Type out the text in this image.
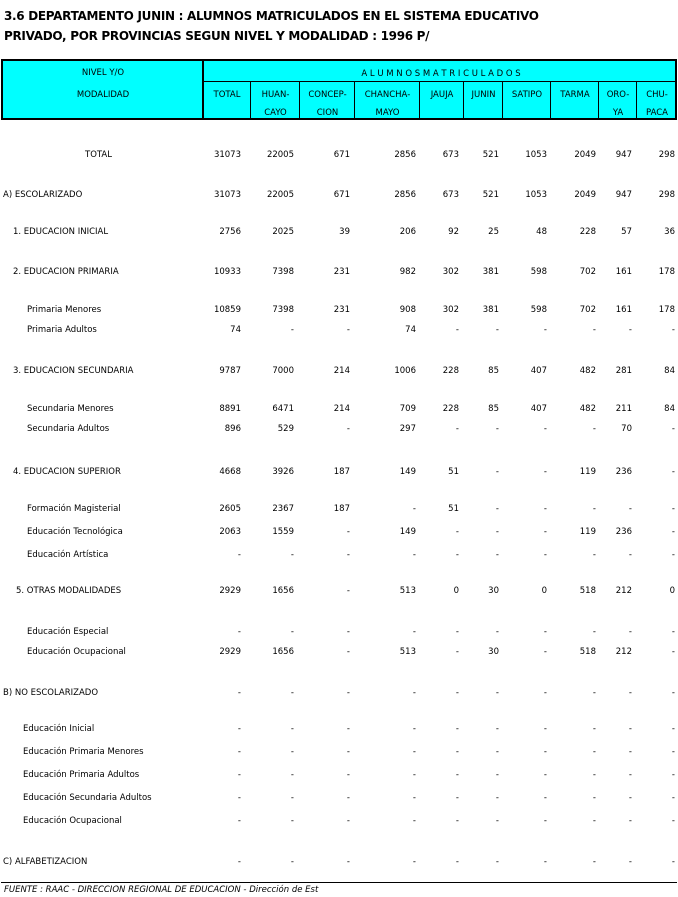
3.6 DEPARTAMENTO JUNIN : ALUMNOS MATRICULADOS EN EL SISTEMA EDUCATIVO
PRIVADO, POR PROVINCIAS SEGUN NIVEL Y MODALIDAD : 1996 P/
NIVEL Y/O
MODALIDAD
A L U M N O S M A T R I C U L A D O S
TOTAL	HUAN-
CAYO
CONCEP-
CION
CHANCHA-
MAYO
JAUJA	JUNIN	SATIPO	TARMA	ORO-
YA
CHU-
PACA
TOTAL	31073	22005	671	2856	673	521	1053	2049	947	298
A) ESCOLARIZADO	31073	22005	671	2856	673	521	1053	2049	947	298
1. EDUCACION INICIAL	2756	2025	39	206	92	25	48	228	57	36
2. EDUCACION PRIMARIA	10933	7398	231	982	302	381	598	702	161	178
Primaria Menores	10859	7398	231	908	302	381	598	702	161	178
Primaria Adultos	74	-	-	74	-	-	-	-	-	-
3. EDUCACION SECUNDARIA	9787	7000	214	1006	228	85	407	482	281	84
Secundaria Menores	8891	6471	214	709	228	85	407	482	211	84
Secundaria Adultos	896	529	-	297	-	-	-	-	70	-
4. EDUCACION SUPERIOR	4668	3926	187	149	51	-	-	119	236	-
Formación Magisterial	2605	2367	187	-	51	-	-	-	-	-
Educación Tecnológica	2063	1559	-	149	-	-	-	119	236	-
Educación Artística	-	-	-	-	-	-	-	-	-	-
5. OTRAS MODALIDADES	2929	1656	-	513	0	30	0	518	212	0
Educación Especial	-	-	-	-	-	-	-	-	-	-
Educación Ocupacional	2929	1656	-	513	-	30	-	518	212	-
B) NO ESCOLARIZADO	-	-	-	-	-	-	-	-	-	-
Educación Inicial	-	-	-	-	-	-	-	-	-	-
Educación Primaria Menores	-	-	-	-	-	-	-	-	-	-
Educación Primaria Adultos	-	-	-	-	-	-	-	-	-	-
Educación Secundaria Adultos	-	-	-	-	-	-	-	-	-	-
Educación Ocupacional	-	-	-	-	-	-	-	-	-	-
C) ALFABETIZACION	-	-	-	-	-	-	-	-	-	-
FUENTE : RAAC - DIRECCION REGIONAL DE EDUCACION - Dirección de Est
